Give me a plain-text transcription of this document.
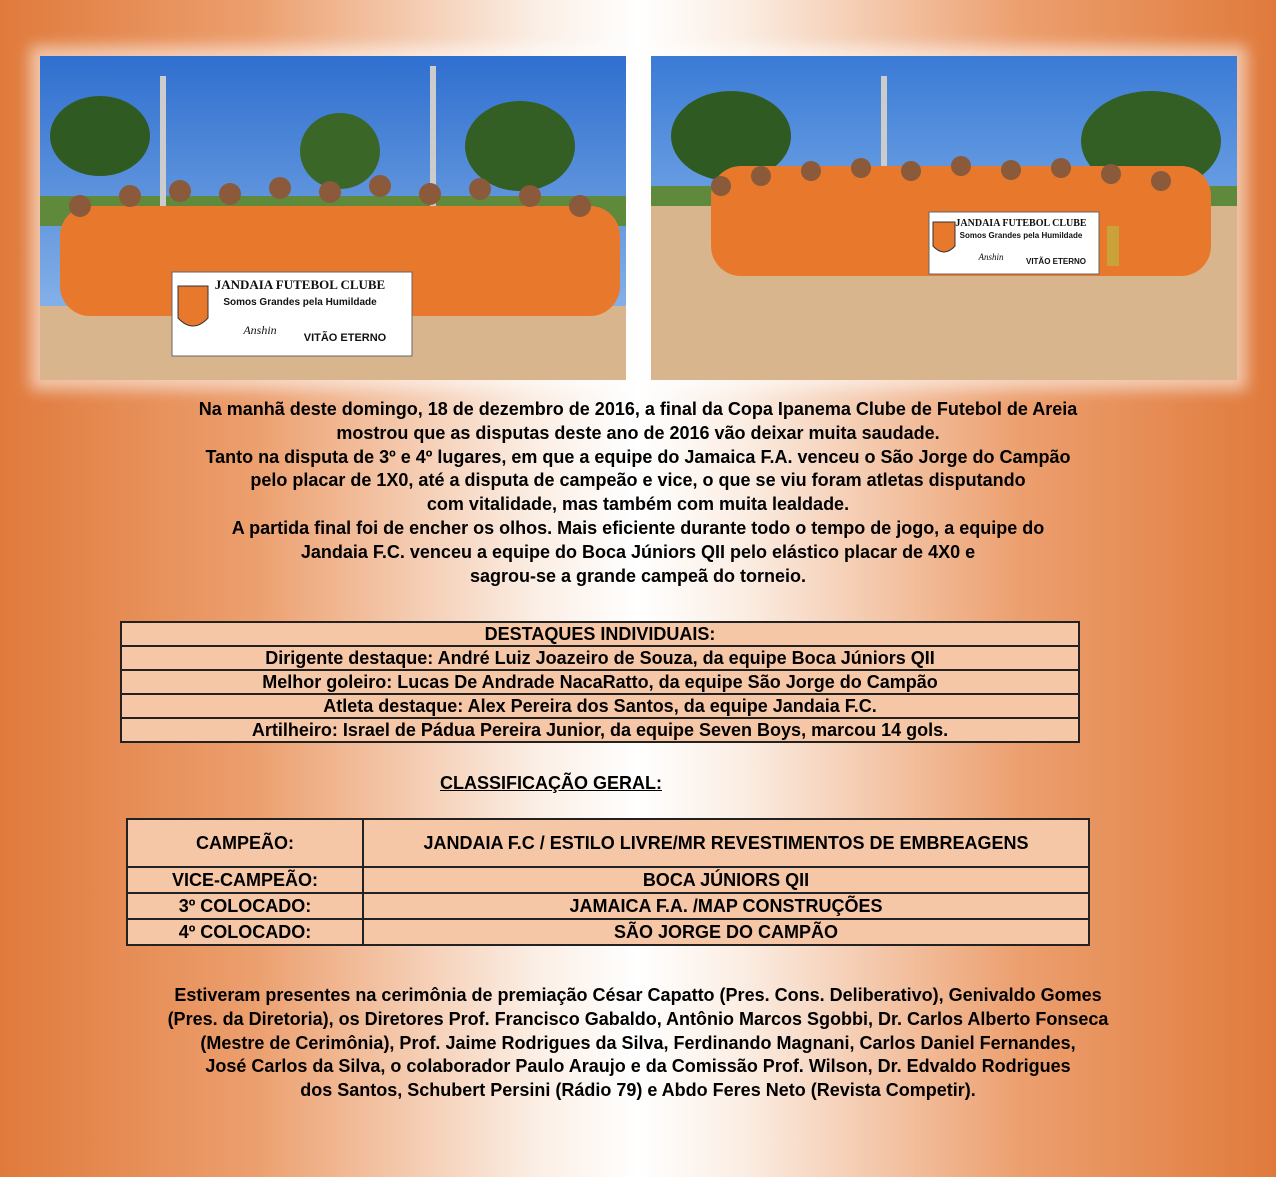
JANDAIA FUTEBOL CLUBE
Somos Grandes pela Humildade
Anshin
VITÃO ETERNO
JANDAIA FUTEBOL CLUBE
Somos Grandes pela Humildade
Anshin	VITÃO ETERNO
Na manhã deste domingo, 18 de dezembro de 2016, a final da Copa Ipanema Clube de Futebol de Areia
mostrou que as disputas deste ano de 2016 vão deixar muita saudade.
Tanto na disputa de 3º e 4º lugares, em que a equipe do Jamaica F.A. venceu o São Jorge do Campão
pelo placar de 1X0, até a disputa de campeão e vice, o que se viu foram atletas disputando
com vitalidade, mas também com muita lealdade.
A partida final foi de encher os olhos. Mais eficiente durante todo o tempo de jogo, a equipe do
Jandaia F.C. venceu a equipe do Boca Júniors QII pelo elástico placar de 4X0 e
sagrou-se a grande campeã do torneio.
DESTAQUES INDIVIDUAIS:
Dirigente destaque: André Luiz Joazeiro de Souza, da equipe Boca Júniors QII
Melhor goleiro: Lucas De Andrade NacaRatto, da equipe São Jorge do Campão
Atleta destaque: Alex Pereira dos Santos, da equipe Jandaia F.C.
Artilheiro: Israel de Pádua Pereira Junior, da equipe Seven Boys, marcou 14 gols.

CLASSIFICAÇÃO GERAL:

CAMPEÃO:	JANDAIA F.C / ESTILO LIVRE/MR REVESTIMENTOS DE EMBREAGENS
VICE-CAMPEÃO:	BOCA JÚNIORS QII
3º COLOCADO:	JAMAICA F.A. /MAP CONSTRUÇÕES
4º COLOCADO:	SÃO JORGE DO CAMPÃO
Estiveram presentes na cerimônia de premiação César Capatto (Pres. Cons. Deliberativo), Genivaldo Gomes
(Pres. da Diretoria), os Diretores Prof. Francisco Gabaldo, Antônio Marcos Sgobbi, Dr. Carlos Alberto Fonseca
(Mestre de Cerimônia), Prof. Jaime Rodrigues da Silva, Ferdinando Magnani, Carlos Daniel Fernandes,
José Carlos da Silva, o colaborador Paulo Araujo e da Comissão Prof. Wilson, Dr. Edvaldo Rodrigues
dos Santos, Schubert Persini (Rádio 79) e Abdo Feres Neto (Revista Competir).
